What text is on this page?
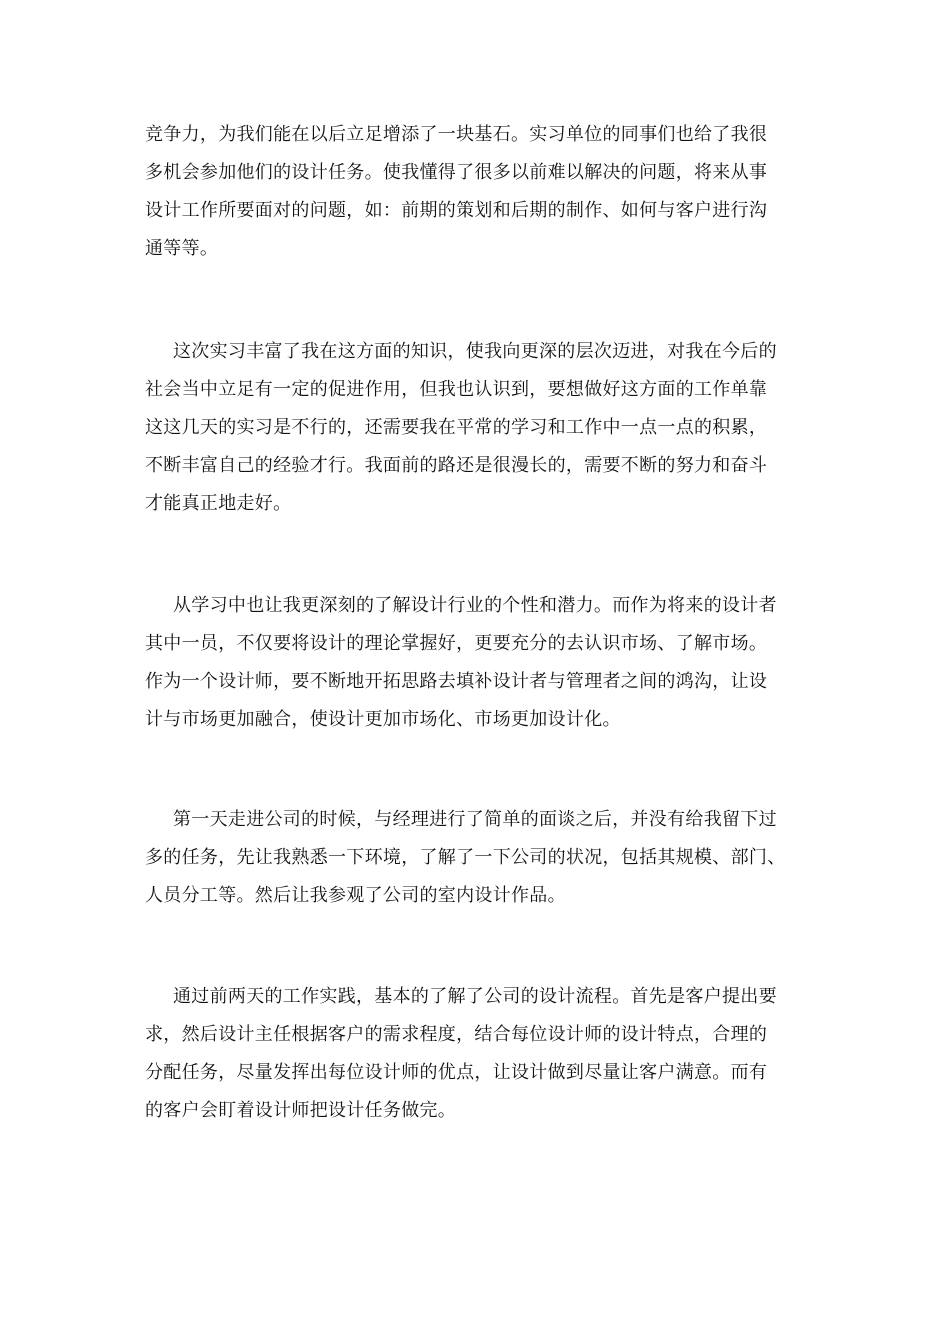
竞争力，为我们能在以后立足增添了一块基石。实习单位的同事们也给了我很
多机会参加他们的设计任务。使我懂得了很多以前难以解决的问题，将来从事
设计工作所要面对的问题，如：前期的策划和后期的制作、如何与客户进行沟
通等等。
这次实习丰富了我在这方面的知识，使我向更深的层次迈进，对我在今后的
社会当中立足有一定的促进作用，但我也认识到，要想做好这方面的工作单靠
这这几天的实习是不行的，还需要我在平常的学习和工作中一点一点的积累，
不断丰富自己的经验才行。我面前的路还是很漫长的，需要不断的努力和奋斗
才能真正地走好。
从学习中也让我更深刻的了解设计行业的个性和潜力。而作为将来的设计者
其中一员，不仅要将设计的理论掌握好，更要充分的去认识市场、了解市场。
作为一个设计师，要不断地开拓思路去填补设计者与管理者之间的鸿沟，让设
计与市场更加融合，使设计更加市场化、市场更加设计化。
第一天走进公司的时候，与经理进行了简单的面谈之后，并没有给我留下过
多的任务，先让我熟悉一下环境，了解了一下公司的状况，包括其规模、部门、
人员分工等。然后让我参观了公司的室内设计作品。
通过前两天的工作实践，基本的了解了公司的设计流程。首先是客户提出要
求，然后设计主任根据客户的需求程度，结合每位设计师的设计特点，合理的
分配任务，尽量发挥出每位设计师的优点，让设计做到尽量让客户满意。而有
的客户会盯着设计师把设计任务做完。
